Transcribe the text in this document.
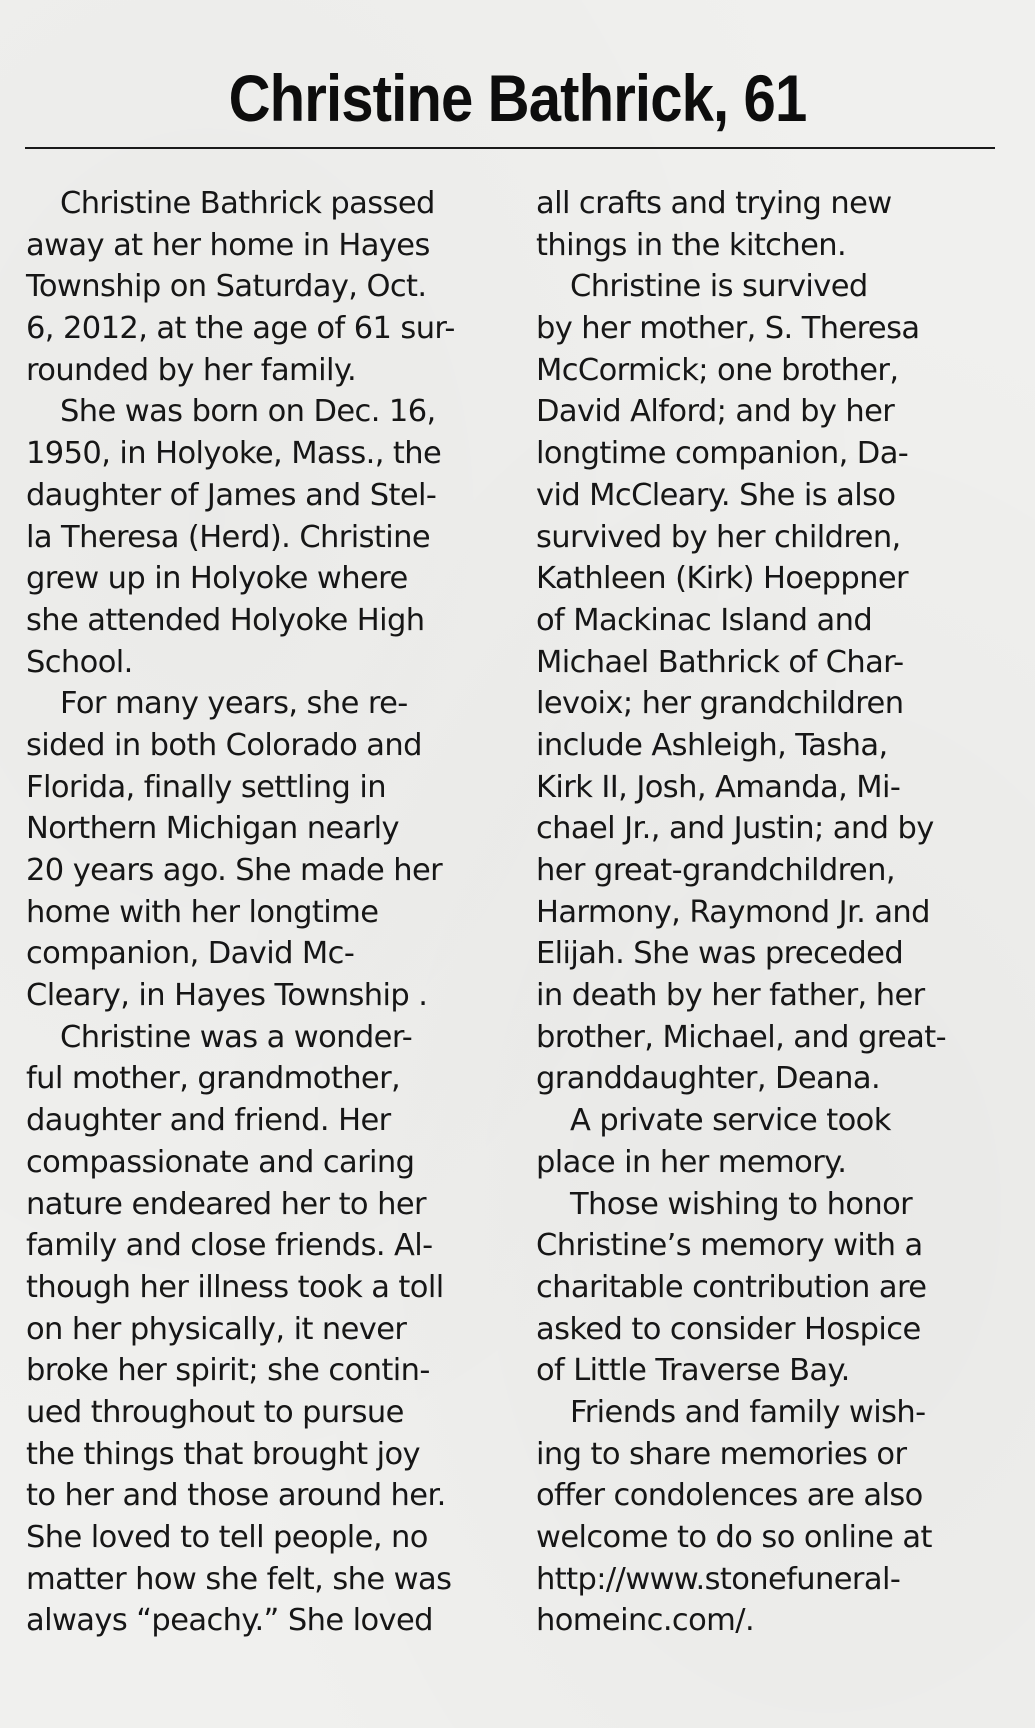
Christine Bathrick, 61
Christine Bathrick passed
away at her home in Hayes
Township on Saturday, Oct.
6, 2012, at the age of 61 sur-
rounded by her family.
She was born on Dec. 16,
1950, in Holyoke, Mass., the
daughter of James and Stel-
la Theresa (Herd). Christine
grew up in Holyoke where
she attended Holyoke High
School.
For many years, she re-
sided in both Colorado and
Florida, finally settling in
Northern Michigan nearly
20 years ago. She made her
home with her longtime
companion, David Mc-
Cleary, in Hayes Township .
Christine was a wonder-
ful mother, grandmother,
daughter and friend. Her
compassionate and caring
nature endeared her to her
family and close friends. Al-
though her illness took a toll
on her physically, it never
broke her spirit; she contin-
ued throughout to pursue
the things that brought joy
to her and those around her.
She loved to tell people, no
matter how she felt, she was
always “peachy.” She loved
all crafts and trying new
things in the kitchen.
Christine is survived
by her mother, S. Theresa
McCormick; one brother,
David Alford; and by her
longtime companion, Da-
vid McCleary. She is also
survived by her children,
Kathleen (Kirk) Hoeppner
of Mackinac Island and
Michael Bathrick of Char-
levoix; her grandchildren
include Ashleigh, Tasha,
Kirk II, Josh, Amanda, Mi-
chael Jr., and Justin; and by
her great-grandchildren,
Harmony, Raymond Jr. and
Elijah. She was preceded
in death by her father, her
brother, Michael, and great-
granddaughter, Deana.
A private service took
place in her memory.
Those wishing to honor
Christine’s memory with a
charitable contribution are
asked to consider Hospice
of Little Traverse Bay.
Friends and family wish-
ing to share memories or
offer condolences are also
welcome to do so online at
http://www.stonefuneral-
homeinc.com/.
